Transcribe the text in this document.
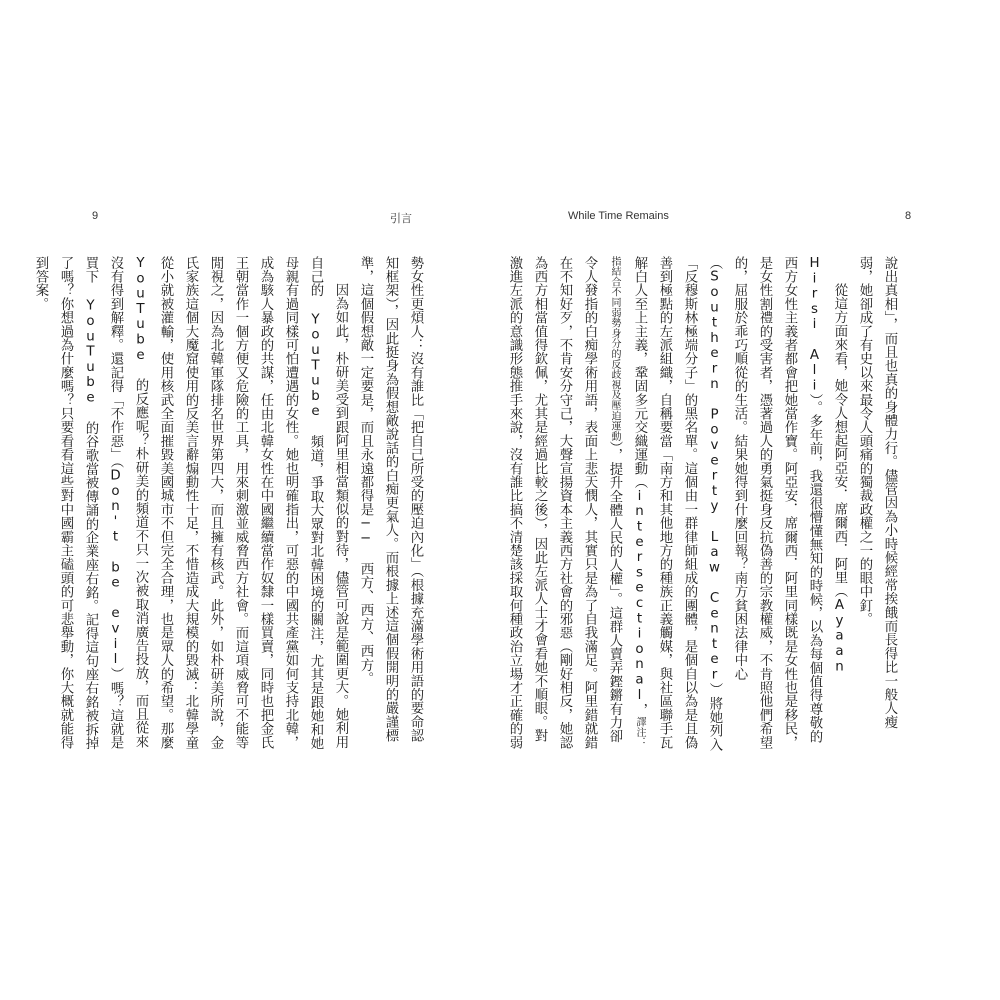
9	引言

勢女性更煩人：沒有誰比「把自己所受的壓迫內化」（根據充滿學術用語的要命認知框架），因此挺身為假想敵說話的白痴更氣人。而根據上述這個假開明的嚴謹標準，這個假想敵一定要是，而且永遠都得是── 西方、西方、西方。

因為如此，朴研美受到跟阿里相當類似的對待，儘管可說是範圍更大。她利用自己的 YouTube 頻道，爭取大眾對北韓困境的關注，尤其是跟她和她母親有過同樣可怕遭遇的女性。她也明確指出，可惡的中國共產黨如何支持北韓，成為駭人暴政的共謀，任由北韓女性在中國繼續當作奴隸一樣買賣，同時也把金氏王朝當作一個方便又危險的工具，用來刺激並威脅西方社會。而這項威脅可不能等閒視之，因為北韓軍隊排名世界第四大，而且擁有核武。此外，如朴研美所說，金氏家族這個大魔窟使用的反美言辭煽動性十足，不惜造成大規模的毀滅：北韓學童從小就被灌輸，使用核武全面摧毀美國城市不但完全合理，也是眾人的希望。那麼 YouTube 的反應呢？朴研美的頻道不只一次被取消廣告投放，而且從來沒有得到解釋。還記得「不作惡」（Don't be evil）嗎？這就是買下 YouTube 的谷歌當被傳誦的企業座右銘。記得這句座右銘被拆掉了嗎？你想過為什麼嗎？只要看看這些對中國霸主磕頭的可悲舉動，你大概就能得到答案。

While Time Remains	8

說出真相」，而且也真的身體力行。儘管因為小時候經常挨餓而長得比一般人瘦弱，她卻成了有史以來最令人頭痛的獨裁政權之一的眼中釘。

從這方面來看，她令人想起阿亞安．席爾西．阿里（Ayaan Hirsi Ali）。多年前，我還很懵懂無知的時候，以為每個值得尊敬的西方女性主義者都會把她當作寶。阿亞安．席爾西．阿里同樣既是女性也是移民，是女性割禮的受害者，憑著過人的勇氣挺身反抗偽善的宗教權威，不肯照他們希望的，屈服於乖巧順從的生活。結果她得到什麼回報？南方貧困法律中心（Southern Poverty Law Center）將她列入「反穆斯林極端分子」的黑名單。這個由一群律師組成的團體，是個自以為是且偽善到極點的左派組織，自稱要當「南方和其他地方的種族正義觸媒，與社區聯手瓦解白人至上主義，鞏固多元交織運動（intersectional，譯注：指結合不同弱勢身分的反歧視及壓迫運動），提升全體人民的人權」。這群人賣弄鏗鏘有力卻令人發指的白痴學術用語，表面上悲天憫人，其實只是為了自我滿足。阿里錯就錯在不知好歹，不肯安分守己，大聲宣揚資本主義西方社會的邪惡（剛好相反，她認為西方相當值得欽佩，尤其是經過比較之後），因此左派人士才會看她不順眼。對激進左派的意識形態推手來說，沒有誰比搞不清楚該採取何種政治立場才正確的弱
